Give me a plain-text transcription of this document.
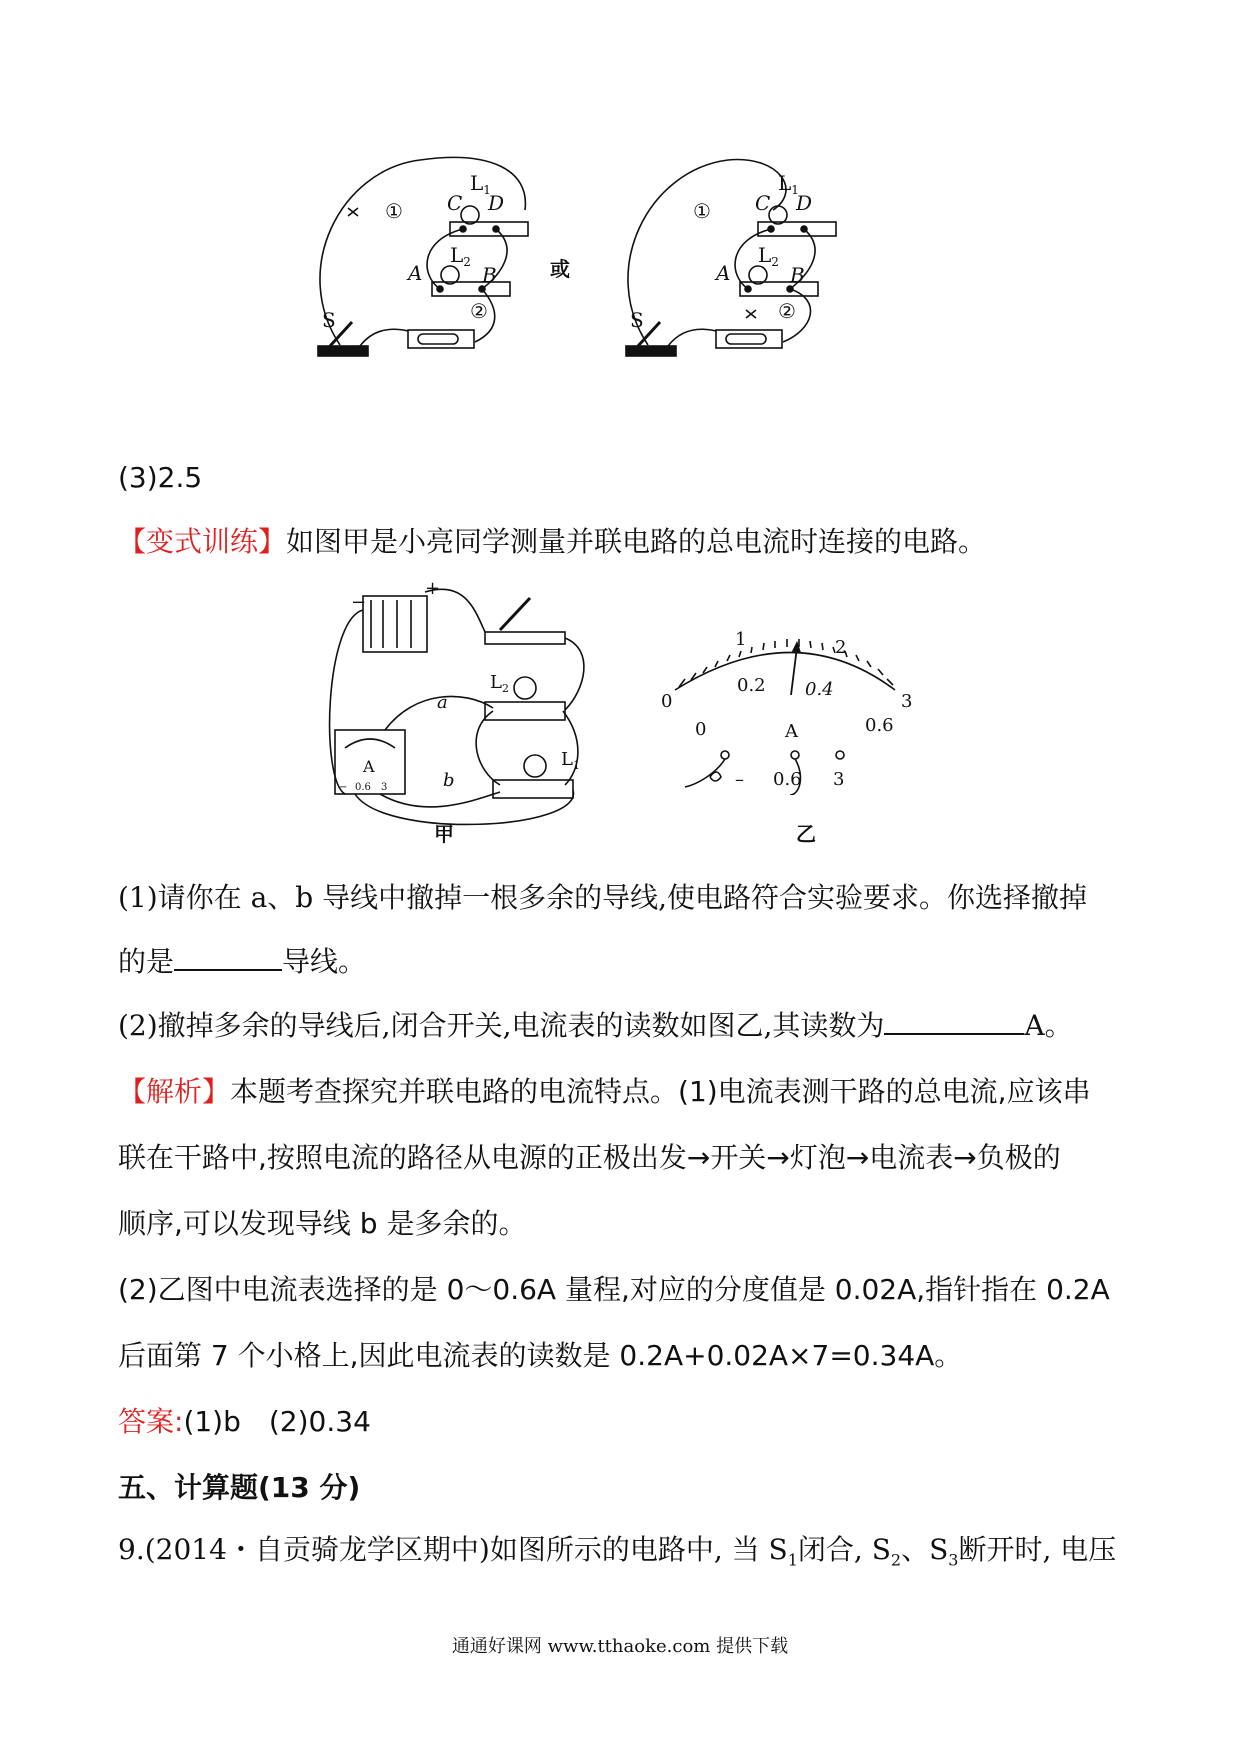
$L_1$
C D
$L_2$
A	B
S
①
②
或
$L_1$
C D
$L_2$
A	B
S
①
②
(3)2.5
【变式训练】如图甲是小亮同学测量并联电路的总电流时连接的电路。
+
−
$L_2$
$L_1$
a
b
A
− 0.6 3
甲
0
1	2
3
0.2 0.4
0	0.6
A
– 0.6 3
乙
(1)请你在 a、b 导线中撤掉一根多余的导线,使电路符合实验要求。你选择撤掉
的是	导线。
(2)撤掉多余的导线后,闭合开关,电流表的读数如图乙,其读数为	A。
【解析】本题考查探究并联电路的电流特点。(1)电流表测干路的总电流,应该串
联在干路中,按照电流的路径从电源的正极出发→开关→灯泡→电流表→负极的
顺序,可以发现导线 b 是多余的。
(2)乙图中电流表选择的是 0～0.6A 量程,对应的分度值是 0.02A,指针指在 0.2A
后面第 7 个小格上,因此电流表的读数是 0.2A+0.02A×7=0.34A。
答案:(1)b　(2)0.34
五、计算题(13 分)
9.(2014・自贡骑龙学区期中)如图所示的电路中, 当 $S_1$闭合, $S_2$、$S_3$断开时, 电压
通通好课网 www.tthaoke.com 提供下载
